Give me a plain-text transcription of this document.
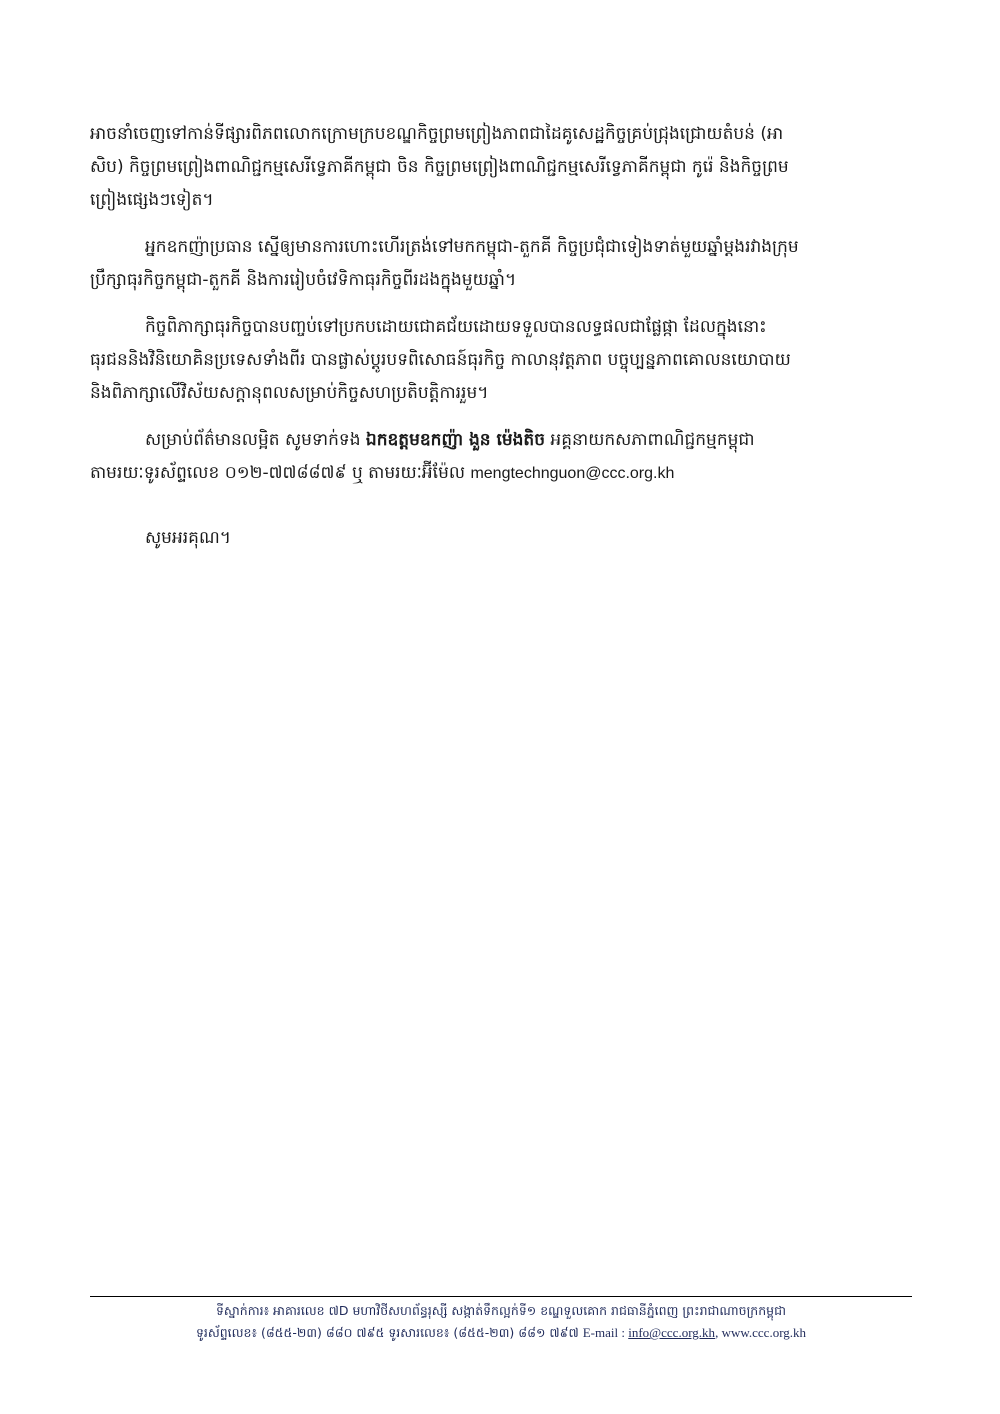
អាចនាំចេញទៅកាន់ទីផ្សារពិភពលោកក្រោមក្របខណ្ឌកិច្ចព្រមព្រៀងភាពជាដៃគូសេដ្ឋកិច្ចគ្រប់ជ្រុងជ្រោយតំបន់ (អា
សិប) កិច្ចព្រមព្រៀងពាណិជ្ជកម្មសេរីទ្វេភាគីកម្ពុជា ចិន កិច្ចព្រមព្រៀងពាណិជ្ជកម្មសេរីទ្វេភាគីកម្ពុជា កូរ៉េ និងកិច្ចព្រម
ព្រៀងផ្សេងៗទៀត។

អ្នកឧកញ៉ាប្រធាន ស្នើឲ្យមានការហោះហើរត្រង់ទៅមកកម្ពុជា-តួកគី កិច្ចប្រជុំជាទៀងទាត់មួយឆ្នាំម្តងរវាងក្រុម
ប្រឹក្សាធុរកិច្ចកម្ពុជា-តួកគី និងការរៀបចំវេទិកាធុរកិច្ចពីរដងក្នុងមួយឆ្នាំ។

កិច្ចពិភាក្សាធុរកិច្ចបានបញ្ចប់ទៅប្រកបដោយជោគជ័យដោយទទួលបានលទ្ធផលជាផ្លែផ្កា ដែលក្នុងនោះ
ធុរជននិងវិនិយោគិនប្រទេសទាំងពីរ បានផ្លាស់ប្តូរបទពិសោធន៍ធុរកិច្ច កាលានុវត្តភាព បច្ចុប្បន្នភាពគោលនយោបាយ
និងពិភាក្សាលើវិស័យសក្តានុពលសម្រាប់កិច្ចសហប្រតិបត្តិការរួម។

សម្រាប់ព័ត៌មានលម្អិត សូមទាក់ទង ឯកឧត្តមឧកញ៉ា ងួន ម៉េងតិច អគ្គនាយកសភាពាណិជ្ជកម្មកម្ពុជា
តាមរយៈទូរស័ព្ទលេខ ០១២-៧៧៨៨៧៩ ឬ តាមរយៈអ៊ីម៉ែល mengtechnguon@ccc.org.kh

សូមអរគុណ។
ទីស្នាក់ការ៖ អាគារលេខ ៧D មហាវិថីសហព័ន្ធរុស្សី សង្កាត់ទឹកល្អក់ទី១ ខណ្ឌទួលគោក រាជធានីភ្នំពេញ ព្រះរាជាណាចក្រកម្ពុជា
ទូរស័ព្ទលេខ៖ (៨៥៥-២៣) ៨៨០ ៧៩៥ ទូរសារលេខ៖ (៨៥៥-២៣) ៨៨១ ៧៩៧ E-mail : info@ccc.org.kh, www.ccc.org.kh
